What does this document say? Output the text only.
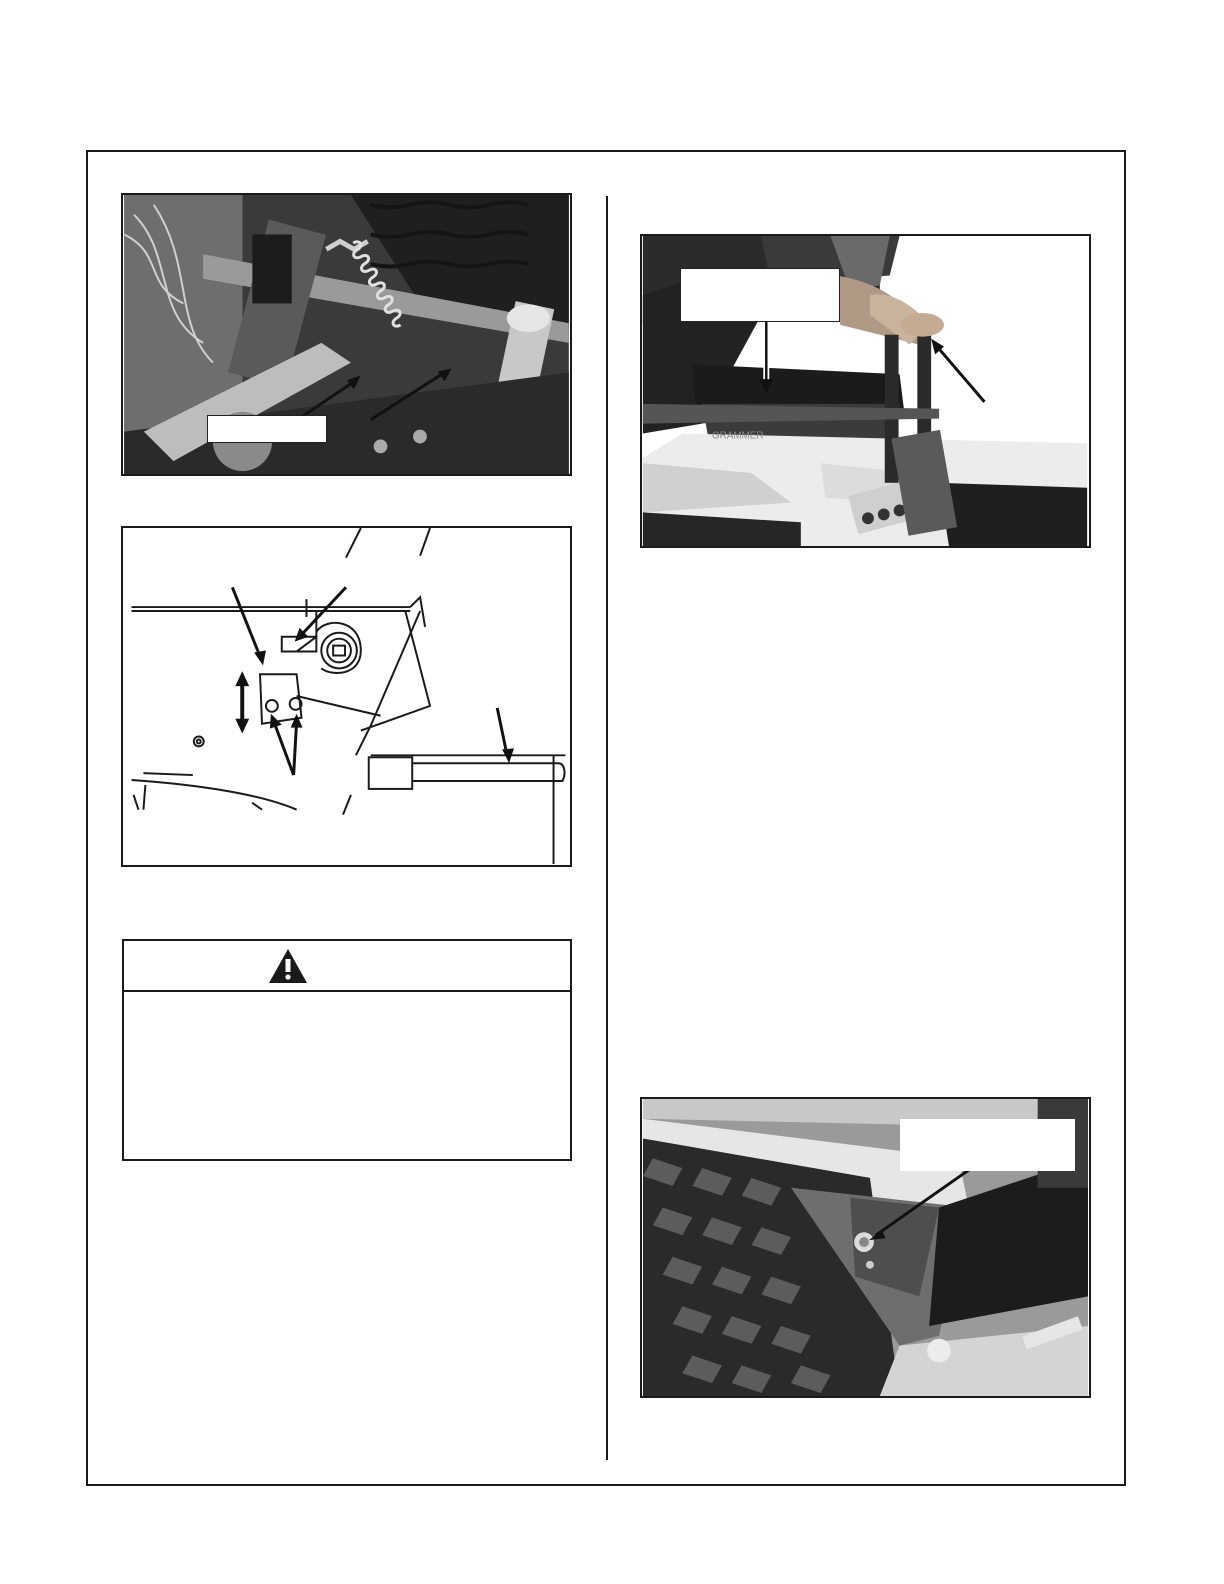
GRAMMER
